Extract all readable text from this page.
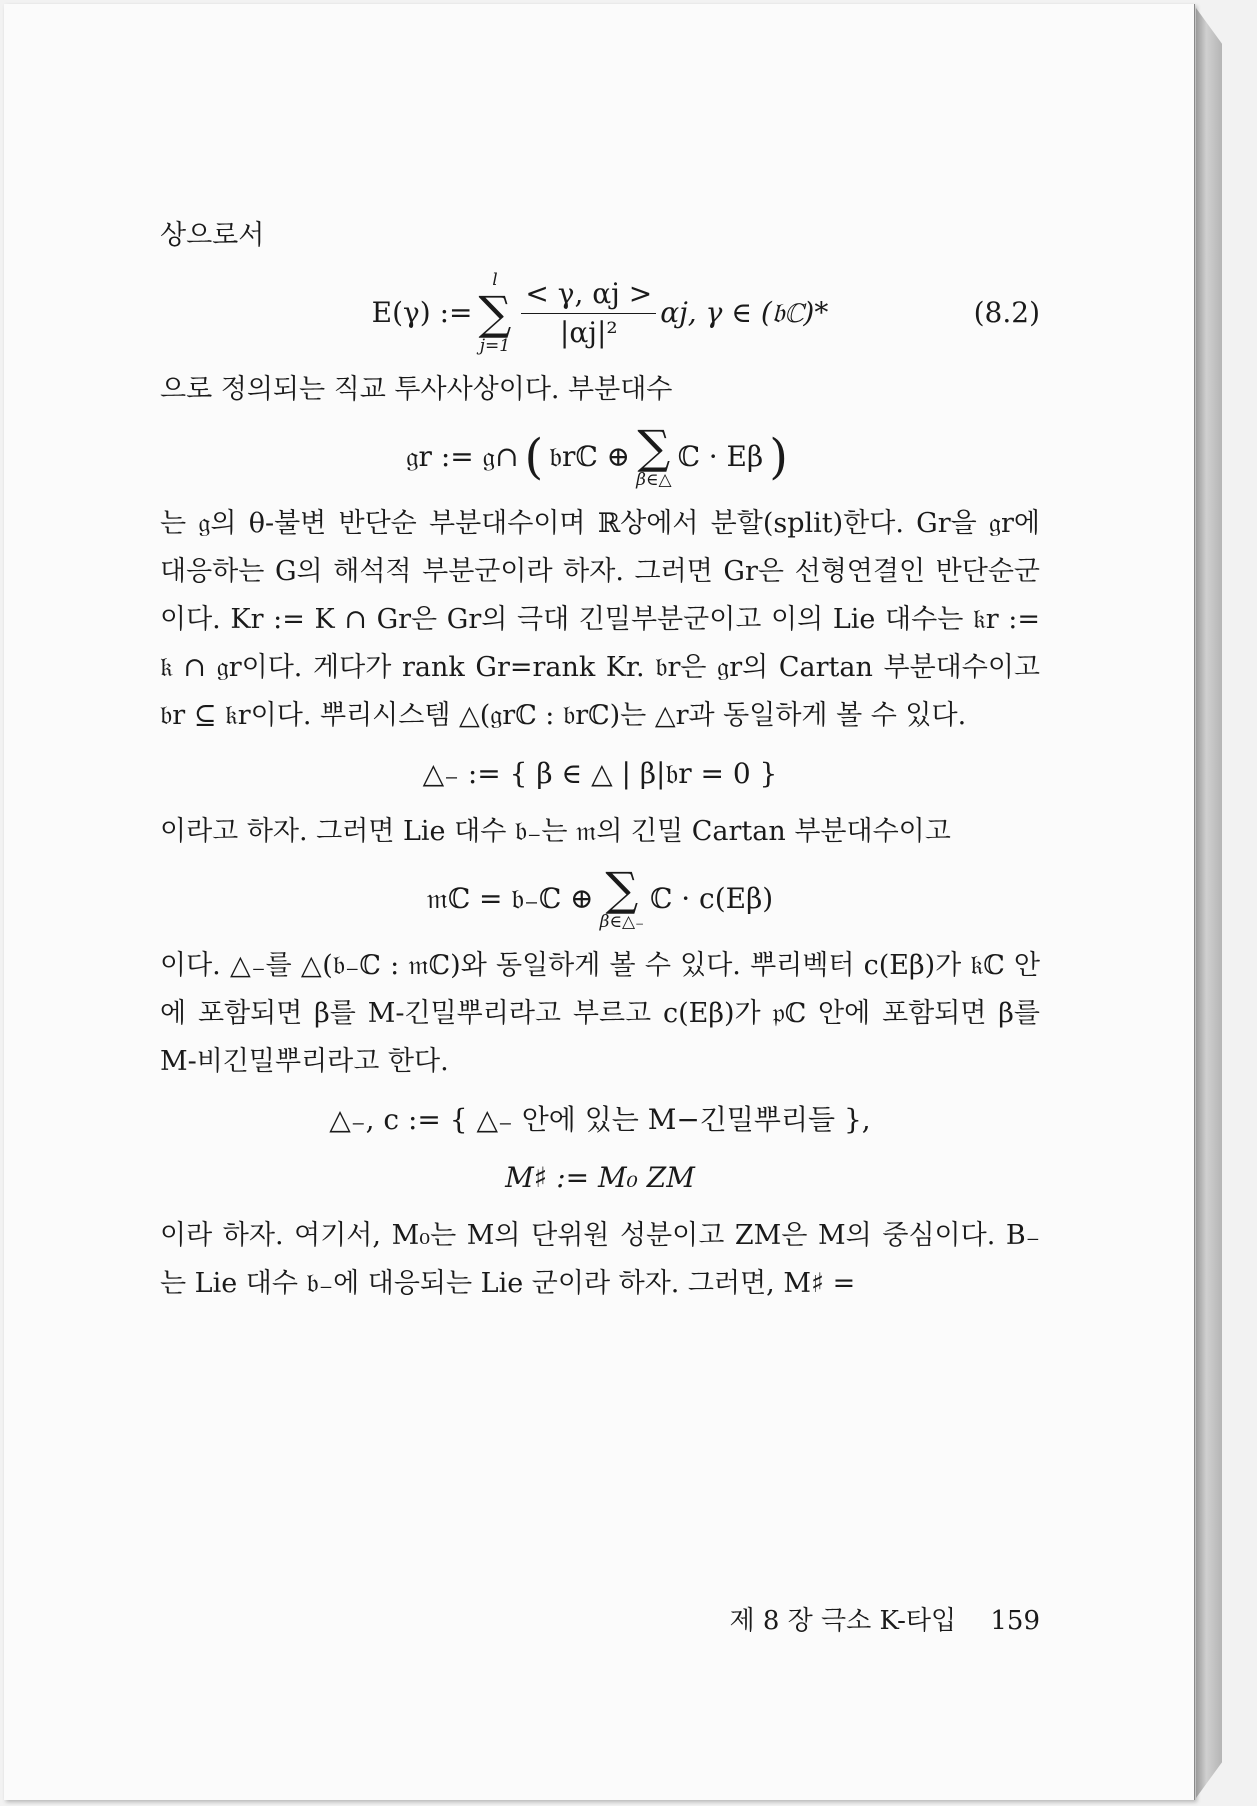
상으로서

E(γ) :=
l
∑
$j=1 \frac{< \gamma, \alpha j >}{\text{|αj|²}} \alpha j$, γ ∈ (𝔟ℂ)*	(8.2)

으로 정의되는 직교 투사사상이다. 부분대수

𝔤r := 𝔤∩ ( 𝔟rℂ ⊕ ∑
β∈△
ℂ · Eβ )

는 𝔤의 θ-불변 반단순 부분대수이며 ℝ상에서 분할(split)한다. Gr을 𝔤r에 대응하는 G의 해석적 부분군이라 하자. 그러면 Gr은 선형연결인 반단순군이다. Kr := K ∩ Gr은 Gr의 극대 긴밀부분군이고 이의 Lie 대수는 𝔨r := 𝔨 ∩ 𝔤r이다. 게다가 rank Gr=rank Kr. 𝔟r은 𝔤r의 Cartan 부분대수이고 𝔟r ⊆ 𝔨r이다. 뿌리시스템 △(𝔤rℂ : 𝔟rℂ)는 △r과 동일하게 볼 수 있다.

△₋ := { β ∈ △ | β|𝔟r = 0 }

이라고 하자. 그러면 Lie 대수 𝔟₋는 𝔪의 긴밀 Cartan 부분대수이고

𝔪ℂ = 𝔟₋ℂ ⊕ ∑
β∈△₋
ℂ · c(Eβ)

이다. △₋를 △(𝔟₋ℂ : 𝔪ℂ)와 동일하게 볼 수 있다. 뿌리벡터 c(Eβ)가 𝔨ℂ 안에 포함되면 β를 M-긴밀뿌리라고 부르고 c(Eβ)가 𝔭ℂ 안에 포함되면 β를 M-비긴밀뿌리라고 한다.

△₋, c := { △₋ 안에 있는 M−긴밀뿌리들 },
M♯ := M₀ ZM

이라 하자. 여기서, M₀는 M의 단위원 성분이고 ZM은 M의 중심이다. B₋는 Lie 대수 𝔟₋에 대응되는 Lie 군이라 하자. 그러면, M♯ =

제 8 장 극소 K-타입 159
